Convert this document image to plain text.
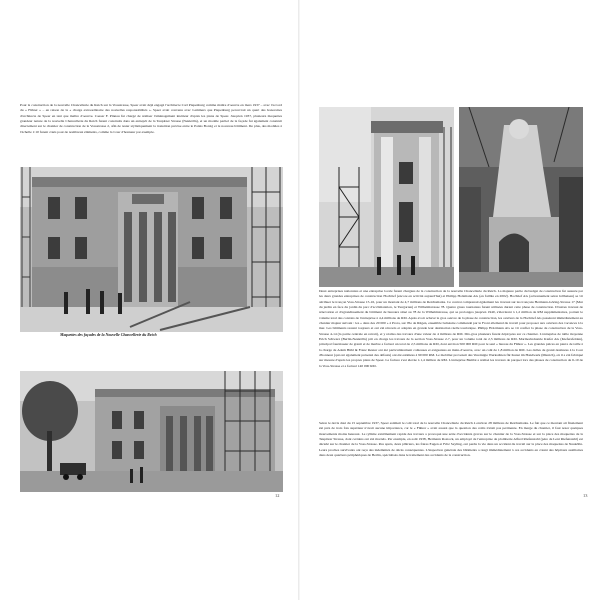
Pour la construction de la nouvelle Chancellerie du Reich sur la Vossstrasse, Speer avait déjà engagé l'architecte Carl Piepenburg comme maître d'oeuvre en mars 1937 – avec l'accord du « Führer » – en raison de la « charge extraordinaire des nouvelles responsabilités ». Speer avait convenu avec Lammers que Piepenburg percevrait un quart des honoraires d'architecte de Speer en tant que maître d'oeuvre. Caesar F. Pinnau fut chargé de réaliser l'aménagement intérieur d'après les plans de Speer. Jusqu'en 1937, plusieurs maquettes grandeur nature de la nouvelle Chancellerie du Reich furent construits dans un entrepôt de la Teupitzer Strasse (Neukölln), et un modèle partiel de la façade fut également construit directement sur le chantier de construction de la Vossstrasse 2, afin de tester stylistiquement la transition précise entre le Palais Borsig et le nouveau bâtiment. De plus, des modèles à l'échelle 1:10 furent créés pour de nombreux éléments, comme la Cour d'honneur par exemple.

Maquettes des façades de la Nouvelle Chancellerie du Reich

12

Deux entreprises nationales et une entreprise locale furent chargées de la construction de la nouvelle Chancellerie du Reich. La majeure partie du budget de construction fut assurée par les deux grandes entreprises de construction Hochtief (encore en activité aujourd'hui) et Philipp Holzmann AG (en faillite en 2002). Hochtief AG (actionnement selon Jellheisen) se vit attribuer le tronçon Voss-Strasse 15-16, pour un montant de 4,7 millions de Reichsmarks. Ce contrat comprenait également les travaux sur les tronçons Hermann-Göring-Strasse 17 (Mur du jardin en face du jardin du parc d'acclimatation, le Tiergarten) et Wilhelmstrasse 78. Quatre grues tournantes furent utilisées durant cette phase de construction. D'autres travaux de rénovation et d'agrandissement du bâtiment de bureaux situé au 78 de la Wilhelmstrasse, qui se prolongea jusqu'en 1940, s'élevèrent à 1,2 million de RM supplémentaires, portant le volume total des contrats de l'entreprise à 4,4 millions de RM. Après avoir achevé le gros oeuvre de la phase de construction, les ouvriers de la Hochtief AG passèrent immédiatement au chantier majeur suivant : les « dans des 20 000 » à Prora, sur l'île de Rügen, ensemble balnéaire commandé par le Front allemand du travail pour proposer aux ouvriers des vacances à la mer. Les bâtiments restent toujours et ont été rénovés et adaptés en grande leur destination réelle touristique. Philipp Holzmann AG se vit confier la phase de construction de la Voss-Strasse 4-14 (la partie centrale en retrait), et y réalisa des travaux d'une valeur de 4 millions de RM. Dix-gros plusieurs furent déployées sur ce chantier. L'entreprise de taille moyenne Erich Schwarz (Berlin-Neukölln) prit en charge les travaux de la section Voss-Strasse 2-7, pour un volume total de 2,5 millions de RM. Marmorindustrie Kiefer AG (Kiefersfelden), principal fournisseur de granit et de marbre a facturé un total de 2,5 millions de RM, dont environ 500 000 RM pour le seul « bureau du Führer ». Les grandes pièces en pierre de taille à la charge de Adam Bühl & Franz Reuter ont été particulièrement coûteuses et exigeantes en main-d'oeuvre, avec un coût de 1,8 million de RM. Les dalles de granit destinées à la Cour d'honneur (qui ont également présenté des défauts) ont été estimées à 90 000 RM. Le mobilier provenait des Vereinigte Werkstätten für Kunst im Handwerk (Munich), où il a été fabriqué sur mesure d'après les propres plans de Speer. La facture s'est élevée à 1,4 million de RM. L'entreprise Bambé a réalisé les travaux de parquet lors des phases de construction de 6-10 de la Voss-Strasse et a facturé 140 000 RM.

Selon le devis daté du 15 septembre 1937, Speer estimait le coût total de la nouvelle Chancellerie du Reich à environ 28 millions de Reichsmarks. Le fait que ce montant ait finalement été près de trois fois supérieur n'avait aucune importance, car le « Führer » avait assuré que la question des coûts n'était pas pertinente. En marge du chantier, il faut noter quelques mouvements moins heureux. Le rythme extrêmement rapide des travaux a provoqué une série d'accidents graves sur le chantier de la Voss-Strasse et sur la place des maquettes de la Teupitzer Strasse, dont certains ont été mortels. Par exemple, en août 1938, Hermann Rostock, un employé de l'entreprise de plomberie Alfred Riefenstahl (père de Leni Riefenstahl) est décédé sur le chantier de la Voss-Strasse. Peu après, deux plâtriers, les frères Eugen et Fritz Seyling, ont perdu la vie dans un accident du travail sur la place des maquettes de Neukölln. Leurs proches survivants ont reçu des indemnités de décès conséquentes. L'inspection générale des bâtiments a réagi immédiatement à ces accidents en créant des hôpitaux auxiliaires dans deux quartiers périphériques de Berlin, spécialisés dans le traitement des accidents de la construction.

13
